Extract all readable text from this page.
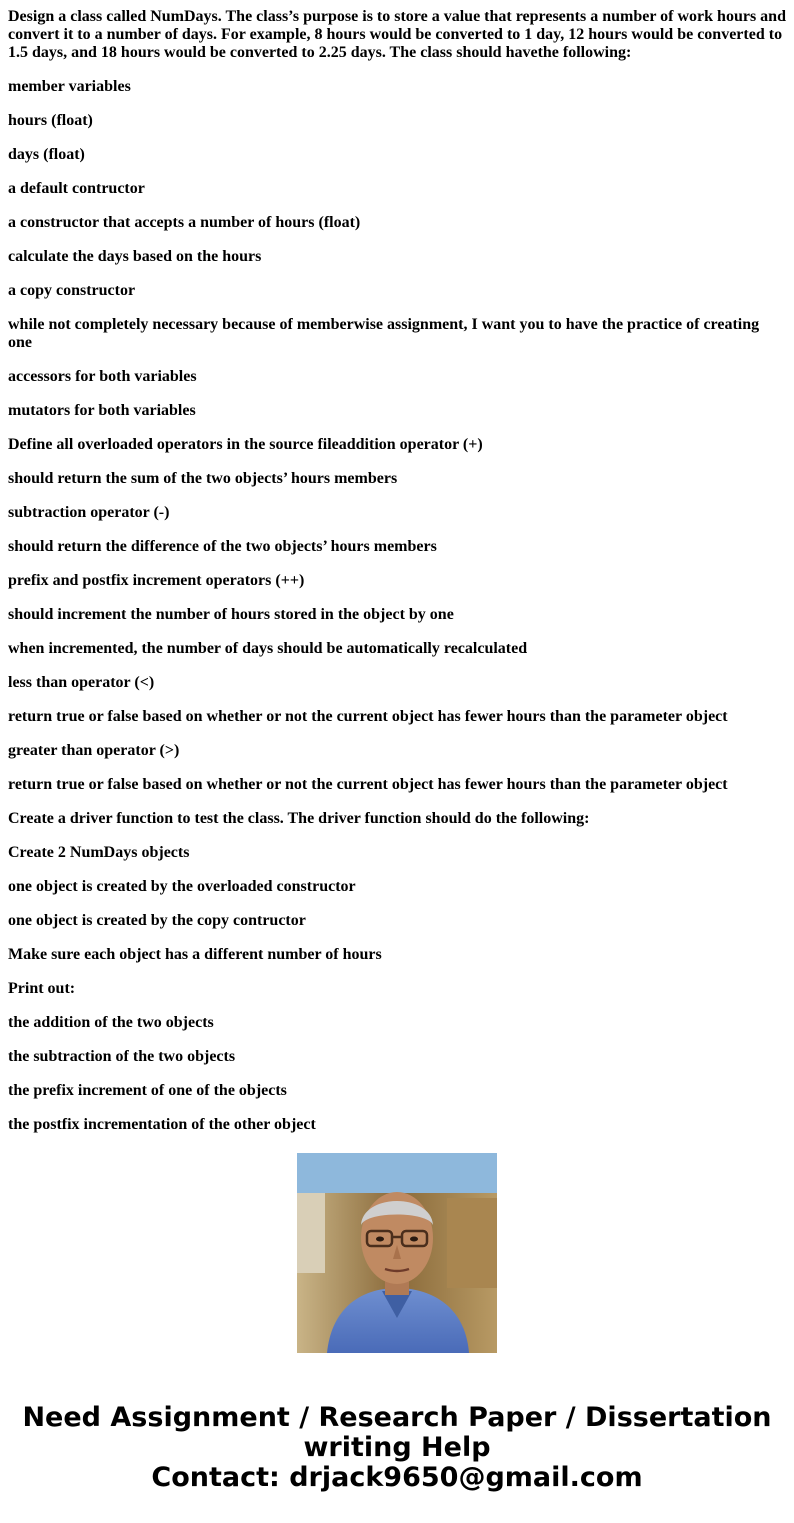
Design a class called NumDays. The class’s purpose is to store a value that represents a number of work hours and convert it to a number of days. For example, 8 hours would be converted to 1 day, 12 hours would be converted to 1.5 days, and 18 hours would be converted to 2.25 days. The class should havethe following:

member variables

hours (float)

days (float)

a default contructor

a constructor that accepts a number of hours (float)

calculate the days based on the hours

a copy constructor

while not completely necessary because of memberwise assignment, I want you to have the practice of creating one

accessors for both variables

mutators for both variables

Define all overloaded operators in the source fileaddition operator (+)

should return the sum of the two objects’ hours members

subtraction operator (-)

should return the difference of the two objects’ hours members

prefix and postfix increment operators (++)

should increment the number of hours stored in the object by one

when incremented, the number of days should be automatically recalculated

less than operator (<)

return true or false based on whether or not the current object has fewer hours than the parameter object

greater than operator (>)

return true or false based on whether or not the current object has fewer hours than the parameter object

Create a driver function to test the class. The driver function should do the following:

Create 2 NumDays objects

one object is created by the overloaded constructor

one object is created by the copy contructor

Make sure each object has a different number of hours

Print out:

the addition of the two objects

the subtraction of the two objects

the prefix increment of one of the objects

the postfix incrementation of the other object

Need Assignment / Research Paper / Dissertation
writing Help
Contact: drjack9650@gmail.com
